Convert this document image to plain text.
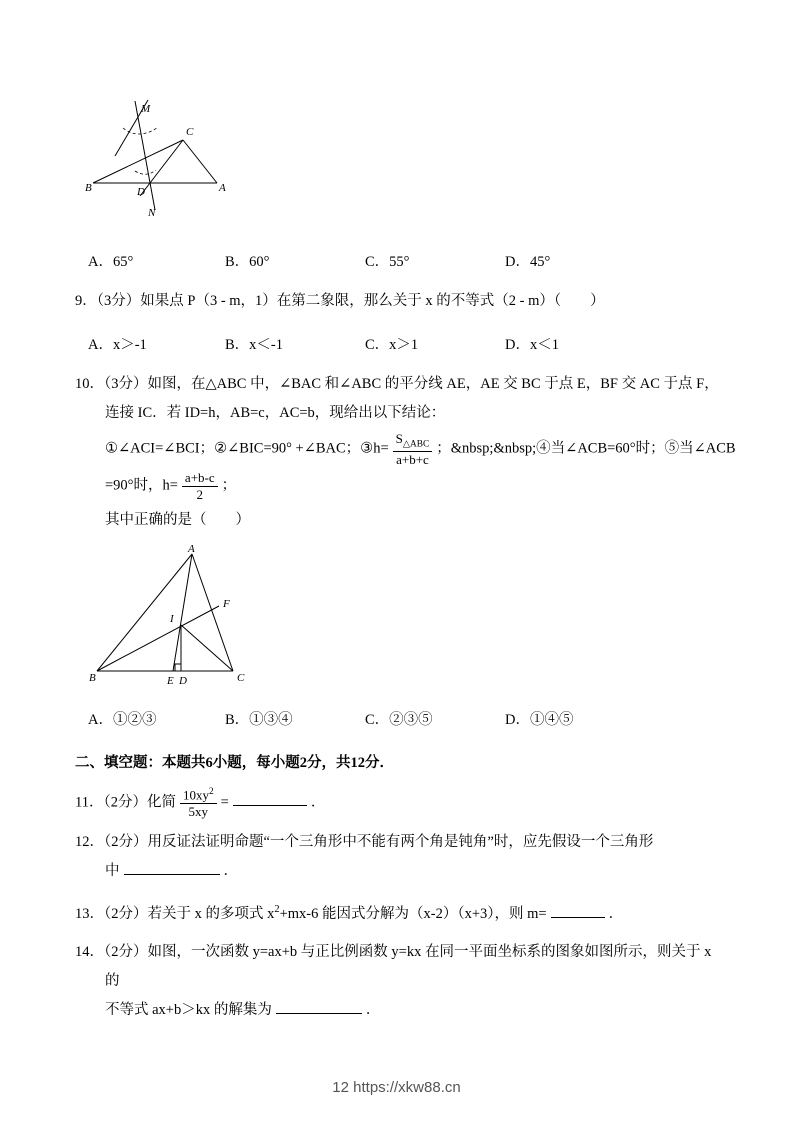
M
C
B	D	A
N
A．65°	B．60°	C．55°	D．45°
9．（3分）如果点 P（3 - m，1）在第二象限，那么关于 x 的不等式（2 - m）（　　）
A．x＞-1	B．x＜-1	C．x＞1	D．x＜1
10．（3分）如图，在△ABC 中，∠BAC 和∠ABC 的平分线 AE，AE 交 BC 于点 E，BF 交 AC 于点 F，连接 IC．若 ID=h，AB=c，AC=b，现给出以下结论：
①∠ACI=∠BCI；②∠BIC=90° +∠BAC；③h= $\frac{S_{\triangle ABC}}{a+b+c}$ ；&nbsp;&nbsp;④当∠ACB=60°时；⑤当∠ACB
=90°时，$h= \frac{a+b-c}{2}$ ；
其中正确的是（　　）
A
F
I
B	E D	C
A．①②③	B．①③④	C．②③⑤	D．①④⑤
二、填空题：本题共6小题，每小题2分，共12分．
11．（2分）化简 $\frac{10xy^2}{5xy}$ =	．
12．（2分）用反证法证明命题“一个三角形中不能有两个角是钝角”时，应先假设一个三角形
中	．
13．（2分）若关于 x 的多项式 $x^2+mx-6$ 能因式分解为（x-2）（x+3），则 m=	．
14．（2分）如图，一次函数 y=ax+b 与正比例函数 y=kx 在同一平面坐标系的图象如图所示，则关于 x 的
不等式 ax+b＞kx 的解集为	．
12 https://xkw88.cn
